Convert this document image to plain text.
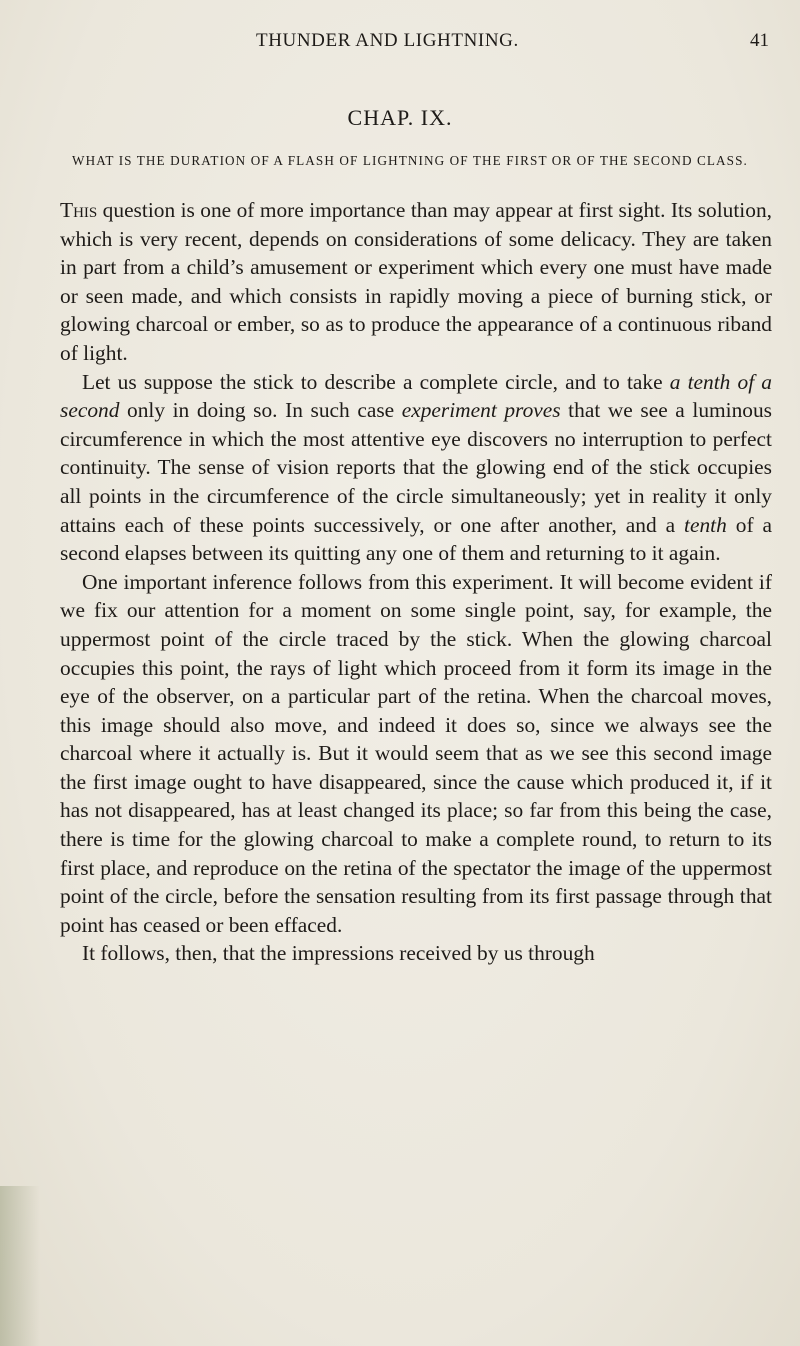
THUNDER AND LIGHTNING.	41
CHAP. IX.
WHAT IS THE DURATION OF A FLASH OF LIGHTNING OF THE FIRST OR OF THE SECOND CLASS.

This question is one of more importance than may appear at first sight. Its solution, which is very recent, depends on considerations of some delicacy. They are taken in part from a child’s amusement or experiment which every one must have made or seen made, and which consists in rapidly moving a piece of burning stick, or glowing charcoal or ember, so as to produce the appearance of a continuous riband of light.

Let us suppose the stick to describe a complete circle, and to take a tenth of a second only in doing so. In such case experiment proves that we see a luminous circumference in which the most attentive eye discovers no interruption to perfect continuity. The sense of vision reports that the glowing end of the stick occupies all points in the circumference of the circle simultaneously; yet in reality it only attains each of these points successively, or one after another, and a tenth of a second elapses between its quitting any one of them and returning to it again.

One important inference follows from this experiment. It will become evident if we fix our attention for a moment on some single point, say, for example, the uppermost point of the circle traced by the stick. When the glowing charcoal occupies this point, the rays of light which proceed from it form its image in the eye of the observer, on a particular part of the retina. When the charcoal moves, this image should also move, and indeed it does so, since we always see the charcoal where it actually is. But it would seem that as we see this second image the first image ought to have disappeared, since the cause which produced it, if it has not disappeared, has at least changed its place; so far from this being the case, there is time for the glowing charcoal to make a complete round, to return to its first place, and reproduce on the retina of the spectator the image of the uppermost point of the circle, before the sensation resulting from its first passage through that point has ceased or been effaced.

It follows, then, that the impressions received by us through
